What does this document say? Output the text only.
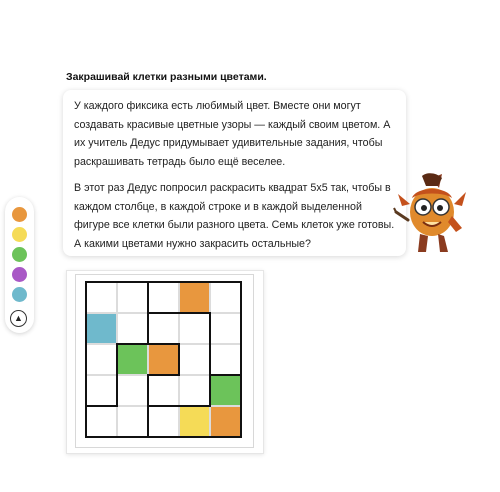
Закрашивай клетки разными цветами.
У каждого фиксика есть любимый цвет. Вместе они могут создавать красивые цветные узоры — каждый своим цветом. А их учитель Дедус придумывает удивительные задания, чтобы раскрашивать тетрадь было ещё веселее.
В этот раз Дедус попросил раскрасить квадрат 5х5 так, чтобы в каждом столбце, в каждой строке и в каждой выделенной фигуре все клетки были разного цвета. Семь клеток уже готовы. А какими цветами нужно закрасить остальные?
▲
